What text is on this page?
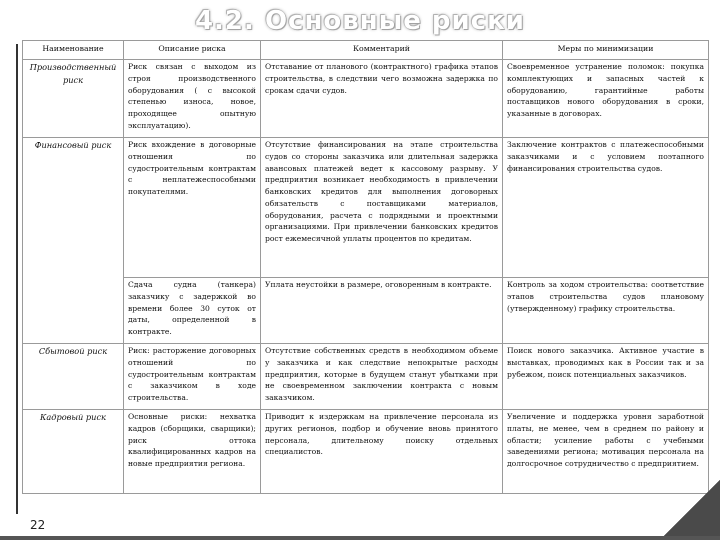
4.2. Основные риски
Наименование	Описание риска	Комментарий	Меры по минимизации
Производственный риск	Риск связан с выходом из строя производственного оборудования ( с высокой степенью износа, новое, проходящее опытную эксплуатацию).	Отставание от планового (контрактного) графика этапов строительства, в следствии чего возможна задержка по срокам сдачи судов.	Своевременное устранение поломок: покупка комплектующих и запасных частей к оборудованию, гарантийные работы поставщиков нового оборудования в сроки, указанные в договорах.
Финансовый риск	Риск вхождение в договорные отношения по судостроительным контрактам с неплатежеспособными покупателями.	Отсутствие финансирования на этапе строительства судов со стороны заказчика или длительная задержка авансовых платежей ведет к кассовому разрыву. У предприятия возникает необходимость в привлечении банковских кредитов для выполнения договорных обязательств с поставщиками материалов, оборудования, расчета с подрядными и проектными организациями. При привлечении банковских кредитов рост ежемесячной уплаты процентов по кредитам.	Заключение контрактов с платежеспособными заказчиками и с условием поэтапного финансирования строительства судов.
	Сдача судна (танкера) заказчику с задержкой во времени более 30 суток от даты, определенной в контракте.	Уплата неустойки в размере, оговоренным в контракте.	Контроль за ходом строительства: соответствие этапов строительства судов плановому (утвержденному) графику строительства.
Сбытовой риск	Риск: расторжение договорных отношений по судостроительным контрактам с заказчиком в ходе строительства.	Отсутствие собственных средств в необходимом объеме у заказчика и как следствие непокрытые расходы предприятия, которые в будущем станут убытками при не своевременном заключении контракта с новым заказчиком.	Поиск нового заказчика. Активное участие в выставках, проводимых как в России так и за рубежом, поиск потенциальных заказчиков.
Кадровый риск	Основные риски: нехватка кадров (сборщики, сварщики); риск оттока квалифицированных кадров на новые предприятия региона.	Приводит к издержкам на привлечение персонала из других регионов, подбор и обучение вновь принятого персонала, длительному поиску отдельных специалистов.	Увеличение и поддержка уровня заработной платы, не менее, чем в среднем по району и области; усиление работы с учебными заведениями региона; мотивация персонала на долгосрочное сотрудничество с предприятием.
22
